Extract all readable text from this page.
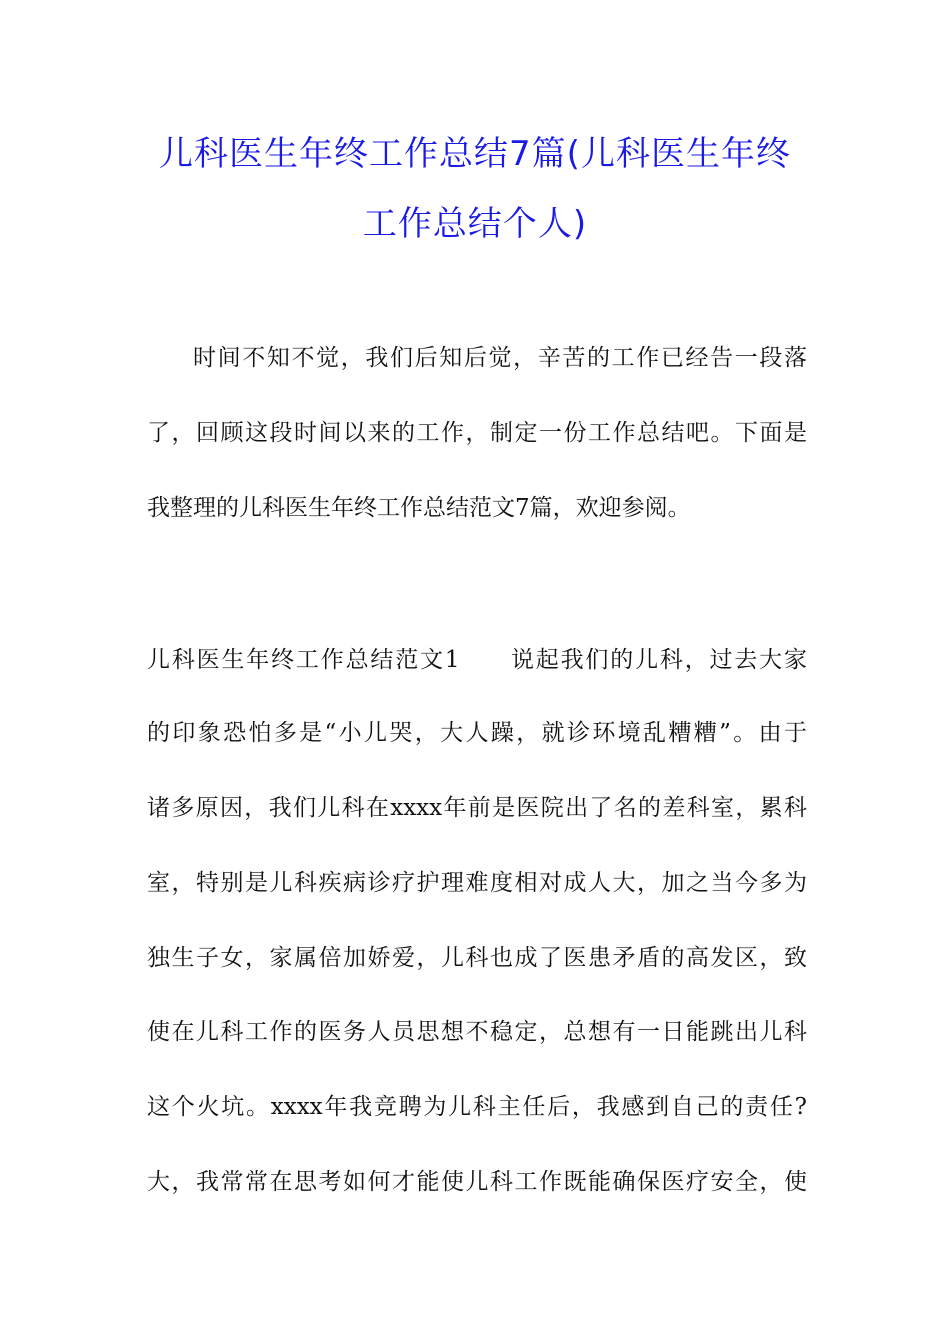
儿科医生年终工作总结7篇(儿科医生年终
工作总结个人)
时间不知不觉，我们后知后觉，辛苦的工作已经告一段落
了，回顾这段时间以来的工作，制定一份工作总结吧。下面是
我整理的儿科医生年终工作总结范文7篇，欢迎参阅。
儿科医生年终工作总结范文1　　说起我们的儿科，过去大家
的印象恐怕多是“小儿哭，大人躁，就诊环境乱糟糟”。由于
诸多原因，我们儿科在xxxx年前是医院出了名的差科室，累科
室，特别是儿科疾病诊疗护理难度相对成人大，加之当今多为
独生子女，家属倍加娇爱，儿科也成了医患矛盾的高发区，致
使在儿科工作的医务人员思想不稳定，总想有一日能跳出儿科
这个火坑。xxxx年我竞聘为儿科主任后，我感到自己的责任?
大，我常常在思考如何才能使儿科工作既能确保医疗安全，使
